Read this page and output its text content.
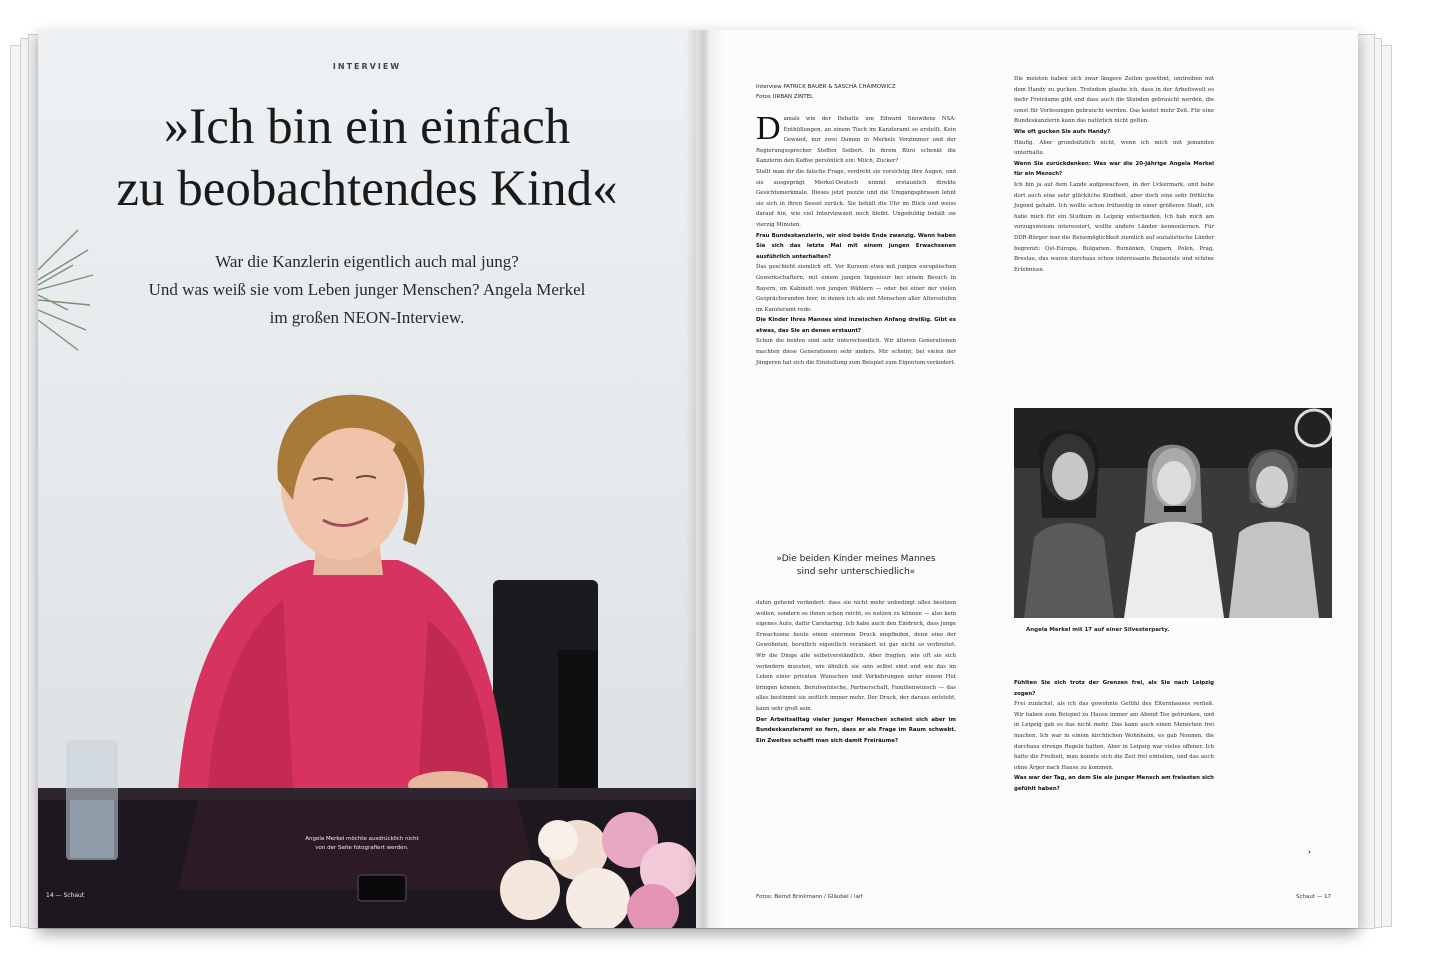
INTERVIEW
»Ich bin ein einfach
zu beobachtendes Kind«
War die Kanzlerin eigentlich auch mal jung?
Und was weiß sie vom Leben junger Menschen? Angela Merkel
im großen NEON-Interview.
Angela Merkel möchte ausdrücklich nicht
von der Seite fotografiert werden.
14 — Schaut
Interview PATRICK BAUER & SASCHA CHAIMOWICZ
Fotos URBAN ZINTEL

Damals wie der Debatte um Edward Snowdens NSA-Enthüllungen, an einem Tisch im Kanzleramt so erstellt. Kein Gewand, nur zwei Damen in Merkels Vorzimmer und der Regierungssprecher Steffen Seibert. In ihrem Büro schenkt die Kanzlerin den Kaffee persönlich ein: Milch, Zucker?

Stellt man ihr die falsche Frage, verdreht sie vorsichtig ihre Augen, und sie ausgeprägt Merkel-Deutsch nimmt erstaunlich direkte Gesichtsmerkmale. Dieses jetzt puzzle und die Umgangsphrasen lehnt sie sich in ihren Sessel zurück. Sie behält die Uhr im Blick und weiss darauf hin, wie viel Interviewzeit noch bleibt. Ungeduldig behält sie vierzig Minuten.

Frau Bundeskanzlerin, wir sind beide Ende zwanzig. Wann haben Sie sich das letzte Mal mit einem jungen Erwachsenen ausführlich unterhalten?

Das geschieht ziemlich oft. Vor Kurzem etwa mit jungen europäischen Gewerkschaftern, mit einem jungen Ingenieur bei einem Besuch in Bayern, im Kabinett von jungen Wählern — oder bei einer der vielen Gesprächsrunden hier, in denen ich als mit Menschen aller Altersstufen im Kanzleramt rede.

Die Kinder Ihres Mannes sind inzwischen Anfang dreißig. Gibt es etwas, das Sie an denen erstaunt?

Schon die beiden sind sehr unterschiedlich. Wir älteren Generationen machten diese Generationen sehr anders. Mir scheint, bei vielen der Jüngeren hat sich die Einstellung zum Beispiel zum Eigentum verändert.

»Die beiden Kinder meines Mannes
sind sehr unterschiedlich«

dahin gehend verändert: dass sie nicht mehr unbedingt alles besitzen wollen, sondern es ihnen schon reicht, es nutzen zu können — also kein eigenes Auto, dafür Carsharing. Ich habe auch den Eindruck, dass junge Erwachsene heute einen enormen Druck empfinden, denn eine der Gewohnten, beruflich eigentlich verankert ist gar nicht so verbreitet. Wir die Dinge alle selbstverständlich. Aber fragten, wie oft sie sich verändern mussten, wie ähnlich sie sein selbst sind und wie das im Leben einer privaten Wunschen und Vorkehrungen unter einem Hut bringen können. Berufswünsche, Partnerschaft, Familienwunsch — das alles bestimmt sie zeitlich immer mehr. Der Druck, der daraus entsteht, kann sehr groß sein.

Der Arbeitsalltag vieler junger Menschen scheint sich aber im Bundeskanzleramt so fern, dass er als Frage im Raum schwebt. Ein Zweites schafft man sich damit Freiräume?

Die meisten haben sich zwar längere Zeiten gewöhnt, umtreiben mit dem Handy zu gucken. Trotzdem glaube ich, dass in der Arbeitswelt es mehr Freiräume gibt und dass auch die Stunden gebraucht werden, die sonst für Vorlesungen gebraucht werden. Das kostet mehr Zeit. Für eine Bundeskanzlerin kann das natürlich nicht gelten.

Wie oft gucken Sie aufs Handy?

Häufig. Aber grundsätzlich nicht, wenn ich mich mit jemanden unterhalte.

Wenn Sie zurückdenken: Was war die 20-Jährige Angela Merkel für ein Mensch?

Ich bin ja auf dem Lande aufgewachsen, in der Uckermark, und habe dort auch eine sehr glückliche Kindheit, aber doch eine sehr fröhliche Jugend gehabt. Ich wollte schon frühzeitig in einer größeren Stadt, ich habe mich für ein Studium in Leipzig entschieden, Ich hab mich am vorzugsweisen interessiert, wollte andere Länder kennenlernen. Für DDR-Bürger war die Reisemöglichkeit ziemlich auf sozialistische Länder begrenzt: Ost-Europa, Bulgarien, Rumänien, Ungarn, Polen, Prag, Breslau, das waren durchaus schon interessante Reiseziele und schöne Erlebnisse.

Angela Merkel mit 17 auf einer Silvesterparty.

Fühlten Sie sich trotz der Grenzen frei, als Sie nach Leipzig zogen?

Frei zunächst, als ich das gewohnte Gefühl des Elternhauses verließ. Wir haben zum Beispiel zu Hause immer am Abend Tee getrunken, und in Leipzig gab es das nicht mehr. Das kann auch einen Menschen frei machen. Ich war in einem kirchlichen Wohnheim, es gab Nonnen, die durchaus strenge Regeln hatten. Aber in Leipzig war vieles offener. Ich hatte die Freiheit, man konnte sich die Zeit frei einteilen, und das auch ohne Ärger nach Hause zu kommen.

Was war der Tag, an dem Sie als junger Mensch am freiesten sich gefühlt haben?

›
Fotos: Bernd Brinkmann / Gläubel / laif	Schaut — 17
